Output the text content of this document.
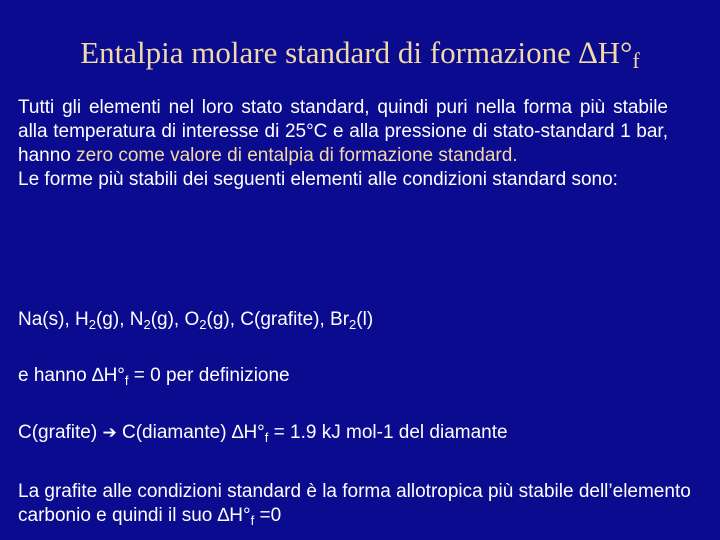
Entalpia molare standard di formazione $\Delta H^\circ_f$
Tutti gli elementi nel loro stato standard, quindi puri nella forma più stabile alla temperatura di interesse di 25°C e alla pressione di stato-standard 1 bar, hanno zero come valore di entalpia di formazione standard.
Le forme più stabili dei seguenti elementi alle condizioni standard sono:
Na(s), $H_2(g)$, $N_2(g)$, $O_2(g)$, C(grafite), $Br_2(l)$
e hanno $\Delta H^\circ_f = 0$ per definizione
C(grafite) ➔ C(diamante) $\Delta H^\circ_f = 1.9$ kJ mol-1 del diamante
La grafite alle condizioni standard è la forma allotropica più stabile dell’elemento carbonio e quindi il suo $\Delta H^\circ_f =0$
